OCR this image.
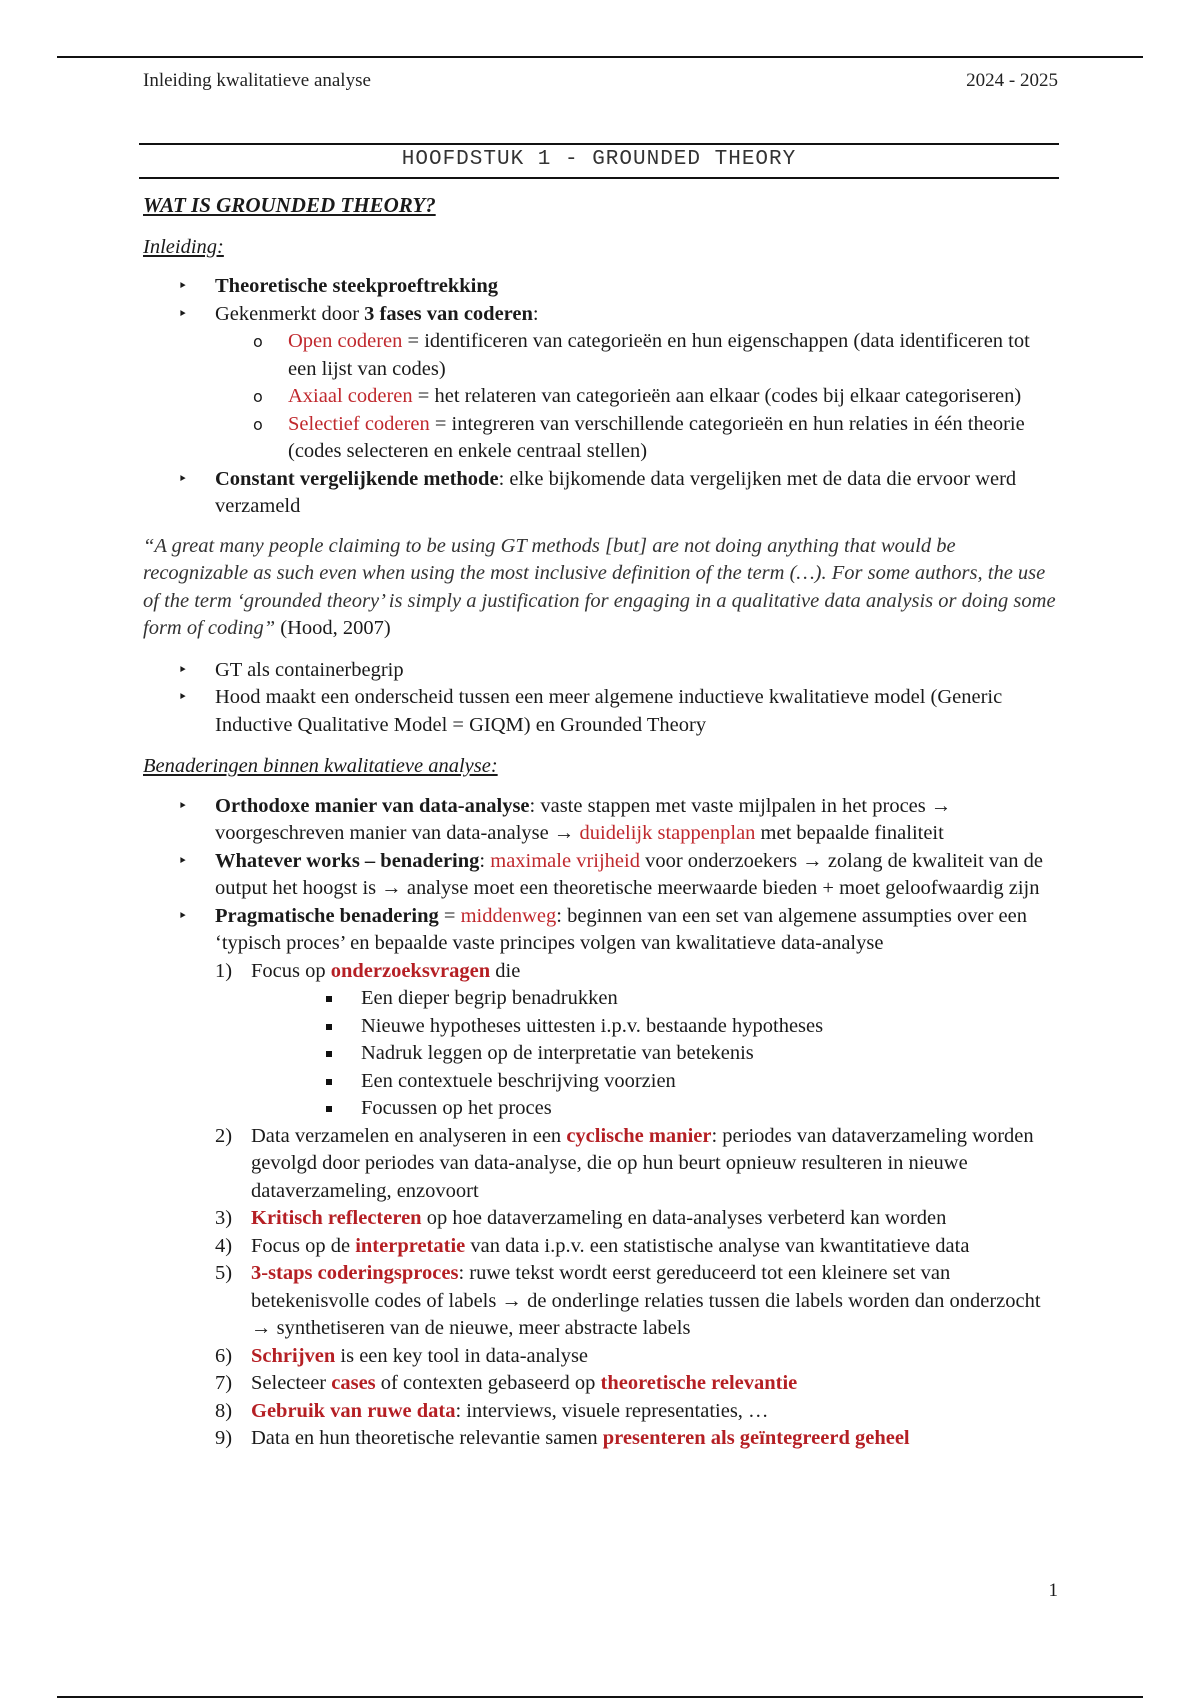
Inleiding kwalitatieve analyse	2024 - 2025
HOOFDSTUK 1 - GROUNDED THEORY
WAT IS GROUNDED THEORY?
Inleiding:
‣ Theoretische steekproeftrekking
‣ Gekenmerkt door 3 fases van coderen:
o Open coderen = identificeren van categorieën en hun eigenschappen (data identificeren tot een lijst van codes)
o Axiaal coderen = het relateren van categorieën aan elkaar (codes bij elkaar categoriseren)
o Selectief coderen = integreren van verschillende categorieën en hun relaties in één theorie (codes selecteren en enkele centraal stellen)
‣ Constant vergelijkende methode: elke bijkomende data vergelijken met de data die ervoor werd verzameld
“A great many people claiming to be using GT methods [but] are not doing anything that would be recognizable as such even when using the most inclusive definition of the term (…). For some authors, the use of the term ‘grounded theory’ is simply a justification for engaging in a qualitative data analysis or doing some form of coding” (Hood, 2007)
‣ GT als containerbegrip
‣ Hood maakt een onderscheid tussen een meer algemene inductieve kwalitatieve model (Generic Inductive Qualitative Model = GIQM) en Grounded Theory
Benaderingen binnen kwalitatieve analyse:
‣ Orthodoxe manier van data-analyse: vaste stappen met vaste mijlpalen in het proces → voorgeschreven manier van data-analyse → duidelijk stappenplan met bepaalde finaliteit
‣ Whatever works – benadering: maximale vrijheid voor onderzoekers → zolang de kwaliteit van de output het hoogst is → analyse moet een theoretische meerwaarde bieden + moet geloofwaardig zijn
‣ Pragmatische benadering = middenweg: beginnen van een set van algemene assumpties over een ‘typisch proces’ en bepaalde vaste principes volgen van kwalitatieve data-analyse
1) Focus op onderzoeksvragen die
Een dieper begrip benadrukken
Nieuwe hypotheses uittesten i.p.v. bestaande hypotheses
Nadruk leggen op de interpretatie van betekenis
Een contextuele beschrijving voorzien
Focussen op het proces
2) Data verzamelen en analyseren in een cyclische manier: periodes van dataverzameling worden gevolgd door periodes van data-analyse, die op hun beurt opnieuw resulteren in nieuwe dataverzameling, enzovoort
3) Kritisch reflecteren op hoe dataverzameling en data-analyses verbeterd kan worden
4) Focus op de interpretatie van data i.p.v. een statistische analyse van kwantitatieve data
5) 3-staps coderingsproces: ruwe tekst wordt eerst gereduceerd tot een kleinere set van betekenisvolle codes of labels → de onderlinge relaties tussen die labels worden dan onderzocht → synthetiseren van de nieuwe, meer abstracte labels
6) Schrijven is een key tool in data-analyse
7) Selecteer cases of contexten gebaseerd op theoretische relevantie
8) Gebruik van ruwe data: interviews, visuele representaties, …
9) Data en hun theoretische relevantie samen presenteren als geïntegreerd geheel
1
